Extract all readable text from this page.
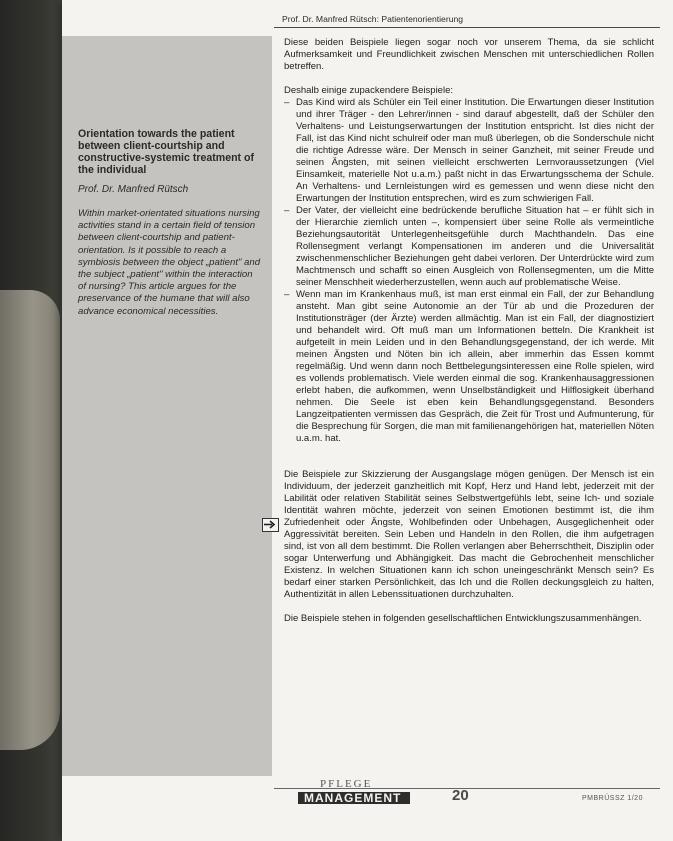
Prof. Dr. Manfred Rütsch: Patientenorientierung

Orientation towards the patient between client-courtship and constructive-systemic treatment of the individual

Prof. Dr. Manfred Rütsch

Within market-orientated situations nursing activities stand in a certain field of tension between client-courtship and patient-orientation. Is it possible to reach a symbiosis between the object „patient" and the subject „patient" within the interaction of nursing? This article argues for the preservance of the humane that will also advance economical necessities.

Diese beiden Beispiele liegen sogar noch vor unserem Thema, da sie schlicht Aufmerksamkeit und Freundlichkeit zwischen Menschen mit unterschiedlichen Rollen betreffen.

Deshalb einige zupackendere Beispiele:

– Das Kind wird als Schüler ein Teil einer Institution. Die Erwartungen dieser Institution und ihrer Träger - den Lehrer/innen - sind darauf abgestellt, daß der Schüler den Verhaltens- und Leistungserwartungen der Institution entspricht. Ist dies nicht der Fall, ist das Kind nicht schulreif oder man muß überlegen, ob die Sonderschule nicht die richtige Adresse wäre. Der Mensch in seiner Ganzheit, mit seiner Freude und seinen Ängsten, mit seinen vielleicht erschwerten Lernvoraussetzungen (Viel Einsamkeit, materielle Not u.a.m.) paßt nicht in das Erwartungsschema der Schule. An Verhaltens- und Lernleistungen wird es gemessen und wenn diese nicht den Erwartungen der Institution entsprechen, wird es zum schwierigen Fall.
– Der Vater, der vielleicht eine bedrückende berufliche Situation hat – er fühlt sich in der Hierarchie ziemlich unten –, kompensiert über seine Rolle als vermeintliche Beziehungsautorität Unterlegenheitsgefühle durch Machthandeln. Das eine Rollensegment verlangt Kompensationen im anderen und die Universalität zwischenmenschlicher Beziehungen geht dabei verloren. Der Unterdrückte wird zum Machtmensch und schafft so einen Ausgleich von Rollensegmenten, um die Mitte seiner Menschheit wiederherzustellen, wenn auch auf problematische Weise.
– Wenn man im Krankenhaus muß, ist man erst einmal ein Fall, der zur Behandlung ansteht. Man gibt seine Autonomie an der Tür ab und die Prozeduren der Institutionsträger (der Ärzte) werden allmächtig. Man ist ein Fall, der diagnostiziert und behandelt wird. Oft muß man um Informationen betteln. Die Krankheit ist aufgeteilt in mein Leiden und in den Behandlungsgegenstand, der ich werde. Mit meinen Ängsten und Nöten bin ich allein, aber immerhin das Essen kommt regelmäßig. Und wenn dann noch Bettbelegungsinteressen eine Rolle spielen, wird es vollends problematisch. Viele werden einmal die sog. Krankenhausaggressionen erlebt haben, die aufkommen, wenn Unselbständigkeit und Hilflosigkeit überhand nehmen. Die Seele ist eben kein Behandlungsgegenstand. Besonders Langzeitpatienten vermissen das Gespräch, die Zeit für Trost und Aufmunterung, für die Besprechung für Sorgen, die man mit familienangehörigen hat, materiellen Nöten u.a.m. hat.

Die Beispiele zur Skizzierung der Ausgangslage mögen genügen. Der Mensch ist ein Individuum, der jederzeit ganzheitlich mit Kopf, Herz und Hand lebt, jederzeit mit der Labilität oder relativen Stabilität seines Selbstwertgefühls lebt, seine Ich- und soziale Identität wahren möchte, jederzeit von seinen Emotionen bestimmt ist, die ihm Zufriedenheit oder Ängste, Wohlbefinden oder Unbehagen, Ausgeglichenheit oder Aggressivität bereiten. Sein Leben und Handeln in den Rollen, die ihm aufgetragen sind, ist von all dem bestimmt. Die Rollen verlangen aber Beherrschtheit, Disziplin oder sogar Unterwerfung und Abhängigkeit. Das macht die Gebrochenheit menschlicher Existenz. In welchen Situationen kann ich schon uneingeschränkt Mensch sein? Es bedarf einer starken Persönlichkeit, das Ich und die Rollen deckungsgleich zu halten, Authentizität in allen Lebenssituationen durchzuhalten.

Die Beispiele stehen in folgenden gesellschaftlichen Entwicklungszusammenhängen.

PFLEGE
MANAGEMENT	20	PMBRÜSSZ 1/20
